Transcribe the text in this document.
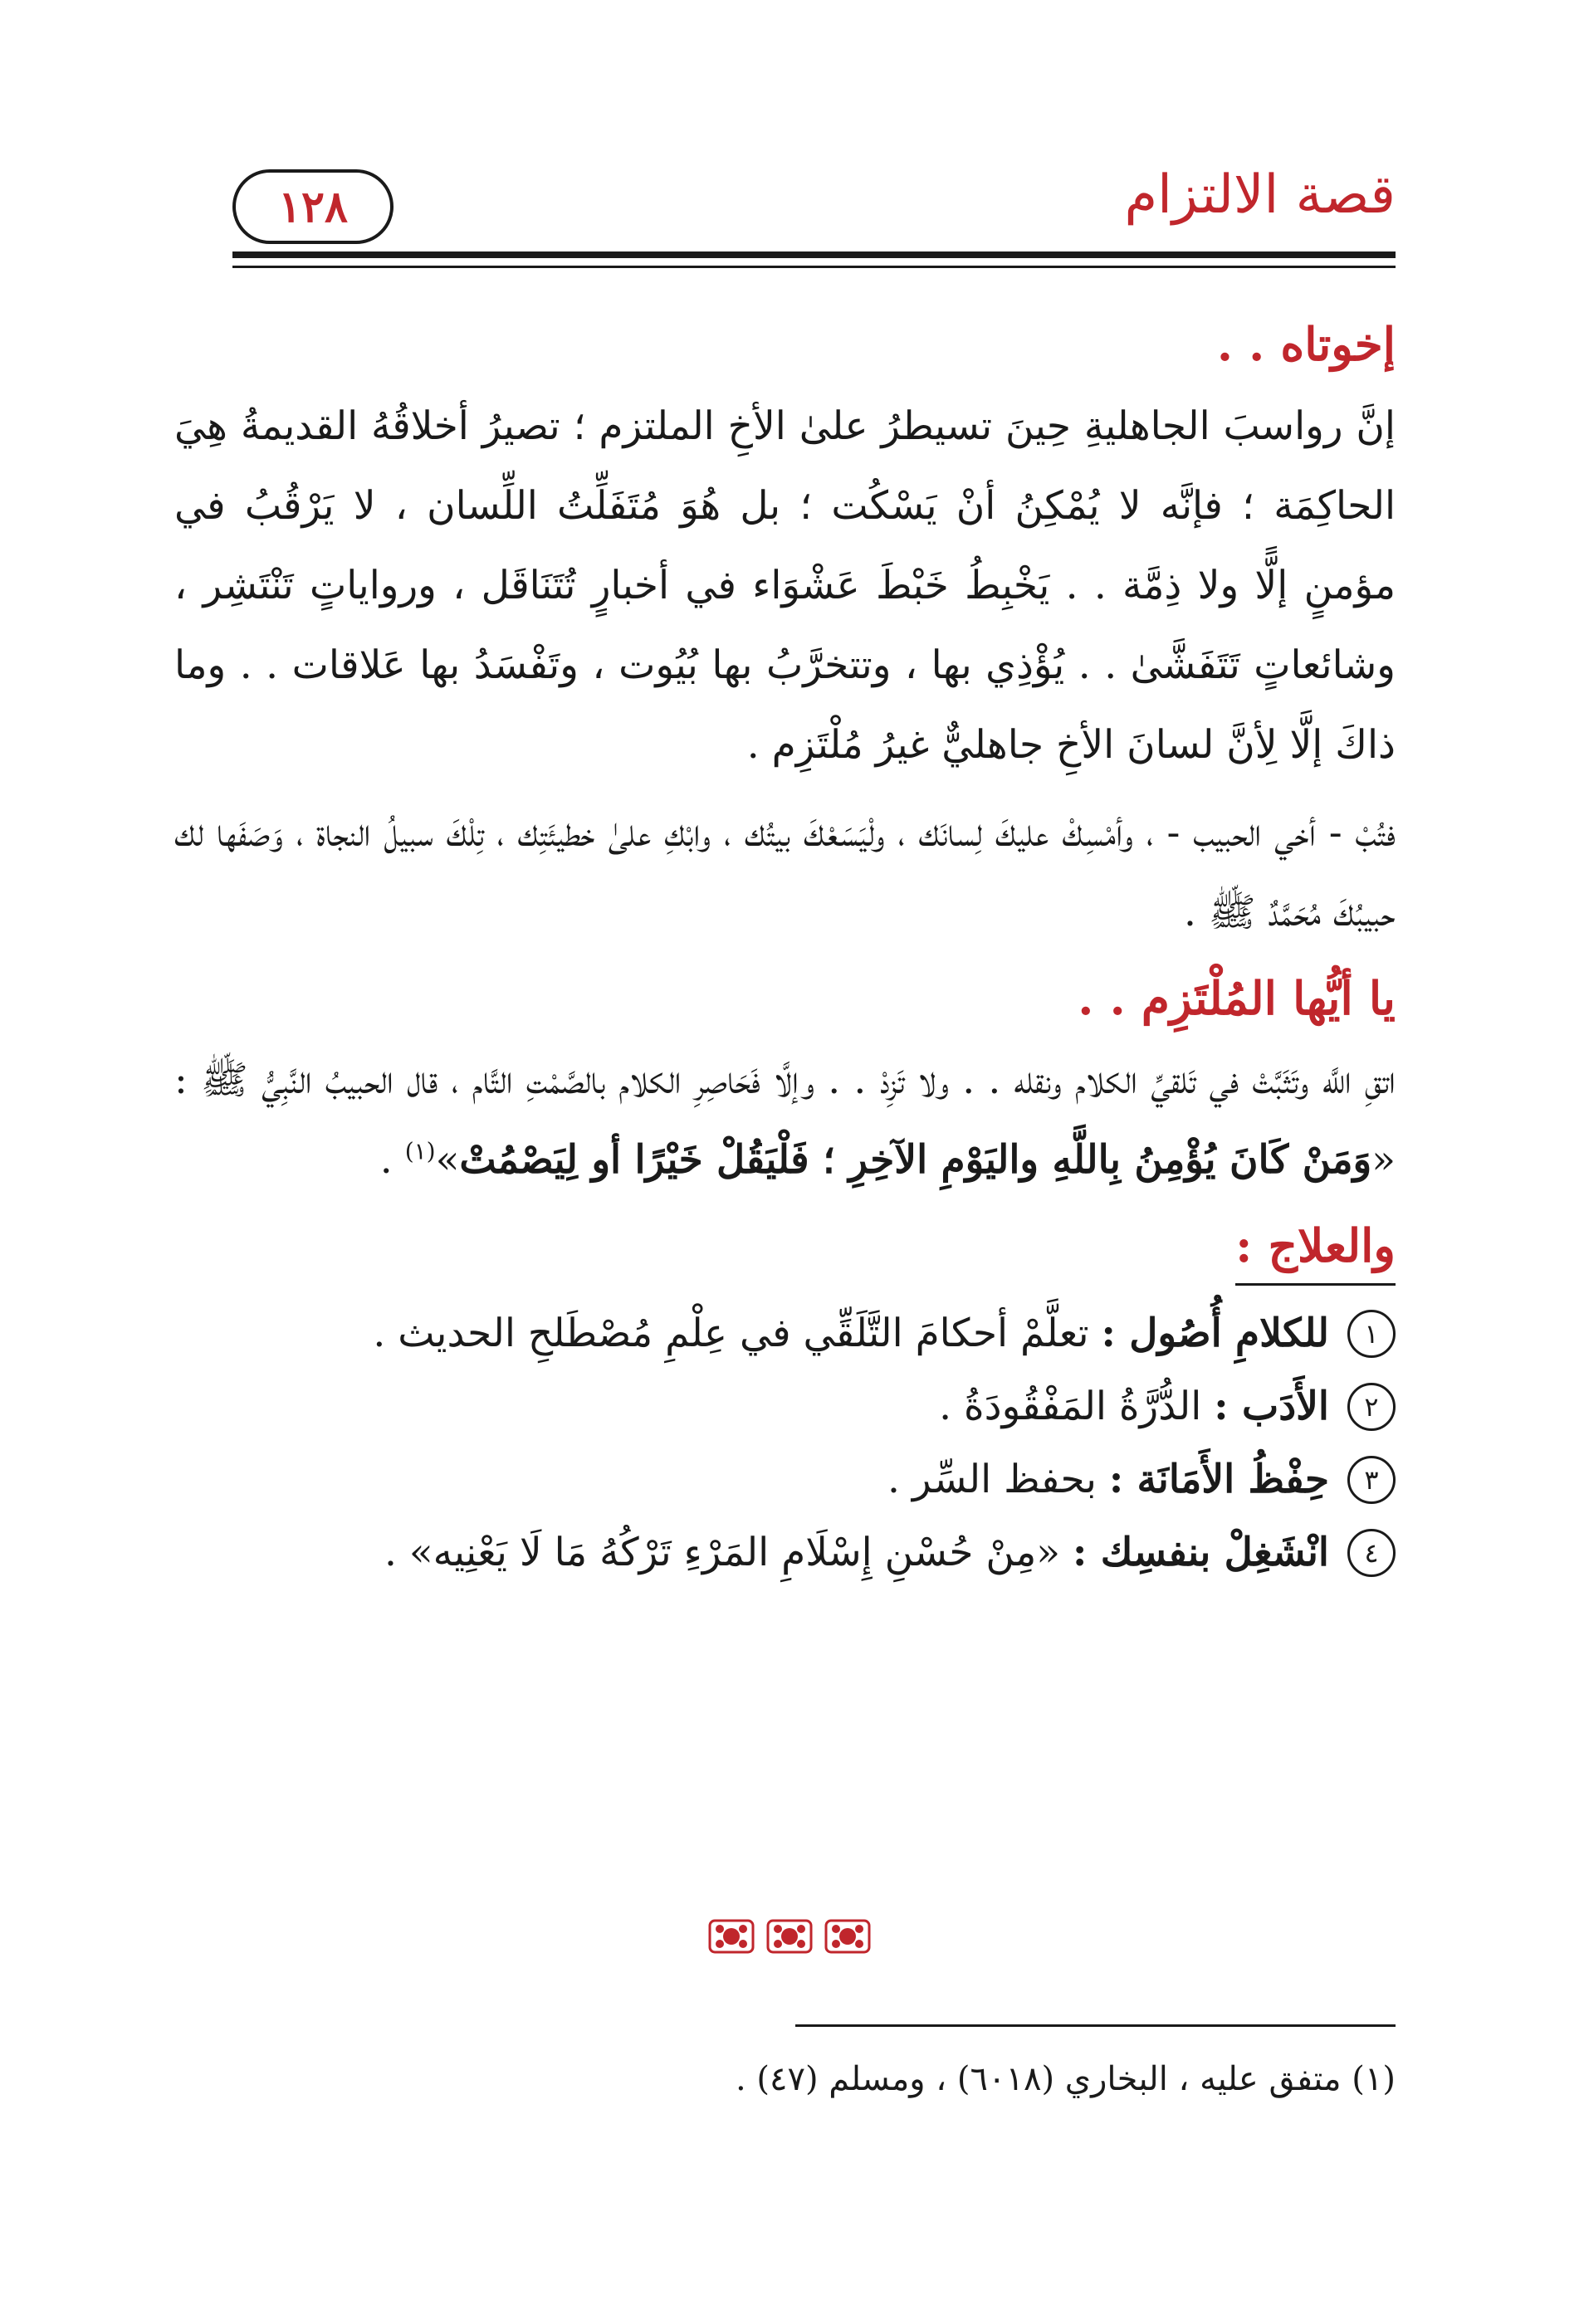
١٢٨	قصة الالتزام
إخوتاه . .

إنَّ رواسبَ الجاهليةِ حِينَ تسيطرُ علىٰ الأخِ الملتزم ؛ تصيرُ أخلاقُهُ القديمةُ هِيَ الحاكِمَة ؛ فإنَّه لا يُمْكِنُ أنْ يَسْكُت ؛ بل هُوَ مُتَفَلِّتُ اللِّسان ، لا يَرْقُبُ في مؤمنٍ إلًّا ولا ذِمَّة . . يَخْبِطُ خَبْطَ عَشْوَاء في أخبارٍ تُتَنَاقَل ، ورواياتٍ تَنْتَشِر ، وشائعاتٍ تَتَفَشَّىٰ . . يُؤْذِي بها ، وتتخرَّبُ بها بُيُوت ، وتَفْسَدُ بها عَلاقات . . وما ذاكَ إلَّا لِأنَّ لسانَ الأخِ جاهليٌّ غيرُ مُلْتَزِم .

فتُبْ - أخي الحبيب - ، وأمْسِكْ عليكَ لِسانَك ، ولْيَسَعْكَ بيتُك ، وابْكِ علىٰ خطيئَتِك ، تِلْكَ سبيلُ النجاة ، وَصَفَها لك حبيبُكَ مُحَمَّدٌ ﷺ .

يا أيُّها المُلْتَزِم . .

اتقِ اللَّه وتَثَبَّتْ في تَلقيِّ الكلام ونقله . . ولا تَزِدْ . . وإلَّا فَحَاصِرِ الكلام بالصَّمْتِ التَّام ، قال الحبيبُ النَّبِيُّ ﷺ : «وَمَنْ كَانَ يُؤْمِنُ بِاللَّهِ واليَوْمِ الآخِرِ ؛ فَلْيَقُلْ خَيْرًا أو لِيَصْمُتْ»$^{(١)}$ .

والعلاج :
١
للكلامِ أُصُول : تعلَّمْ أحكامَ التَّلَقِّي في عِلْمِ مُصْطَلحِ الحديث .
٢
الأَدَب : الدُّرَّةُ المَفْقُودَةُ .
٣
حِفْظُ الأَمَانَة : بحفظ السِّر .
٤
انْشَغِلْ بنفسِك : «مِنْ حُسْنِ إِسْلَامِ المَرْءِ تَرْكُهُ مَا لَا يَعْنِيه» .
(١) متفق عليه ، البخاري (٦٠١٨) ، ومسلم (٤٧) .
